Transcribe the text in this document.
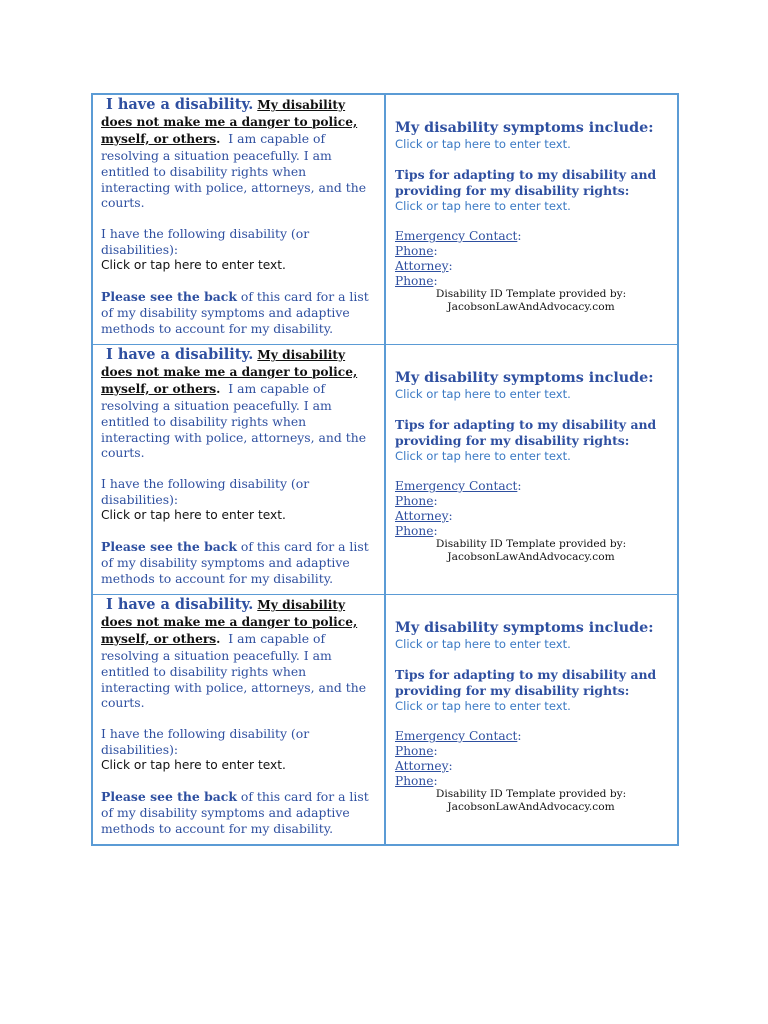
I have a disability. My disability does not make me a danger to police, myself, or others. I am capable of resolving a situation peacefully. I am entitled to disability rights when interacting with police, attorneys, and the courts.
I have the following disability (or disabilities):
Click or tap here to enter text.
Please see the back of this card for a list of my disability symptoms and adaptive methods to account for my disability.
My disability symptoms include:
Click or tap here to enter text.
Tips for adapting to my disability and providing for my disability rights:
Click or tap here to enter text.
Emergency Contact:
Phone:
Attorney:
Phone:
Disability ID Template provided by:
JacobsonLawAndAdvocacy.com
I have a disability. My disability does not make me a danger to police, myself, or others. I am capable of resolving a situation peacefully. I am entitled to disability rights when interacting with police, attorneys, and the courts.
I have the following disability (or disabilities):
Click or tap here to enter text.
Please see the back of this card for a list of my disability symptoms and adaptive methods to account for my disability.
My disability symptoms include:
Click or tap here to enter text.
Tips for adapting to my disability and providing for my disability rights:
Click or tap here to enter text.
Emergency Contact:
Phone:
Attorney:
Phone:
Disability ID Template provided by:
JacobsonLawAndAdvocacy.com
I have a disability. My disability does not make me a danger to police, myself, or others. I am capable of resolving a situation peacefully. I am entitled to disability rights when interacting with police, attorneys, and the courts.
I have the following disability (or disabilities):
Click or tap here to enter text.
Please see the back of this card for a list of my disability symptoms and adaptive methods to account for my disability.
My disability symptoms include:
Click or tap here to enter text.
Tips for adapting to my disability and providing for my disability rights:
Click or tap here to enter text.
Emergency Contact:
Phone:
Attorney:
Phone:
Disability ID Template provided by:
JacobsonLawAndAdvocacy.com
